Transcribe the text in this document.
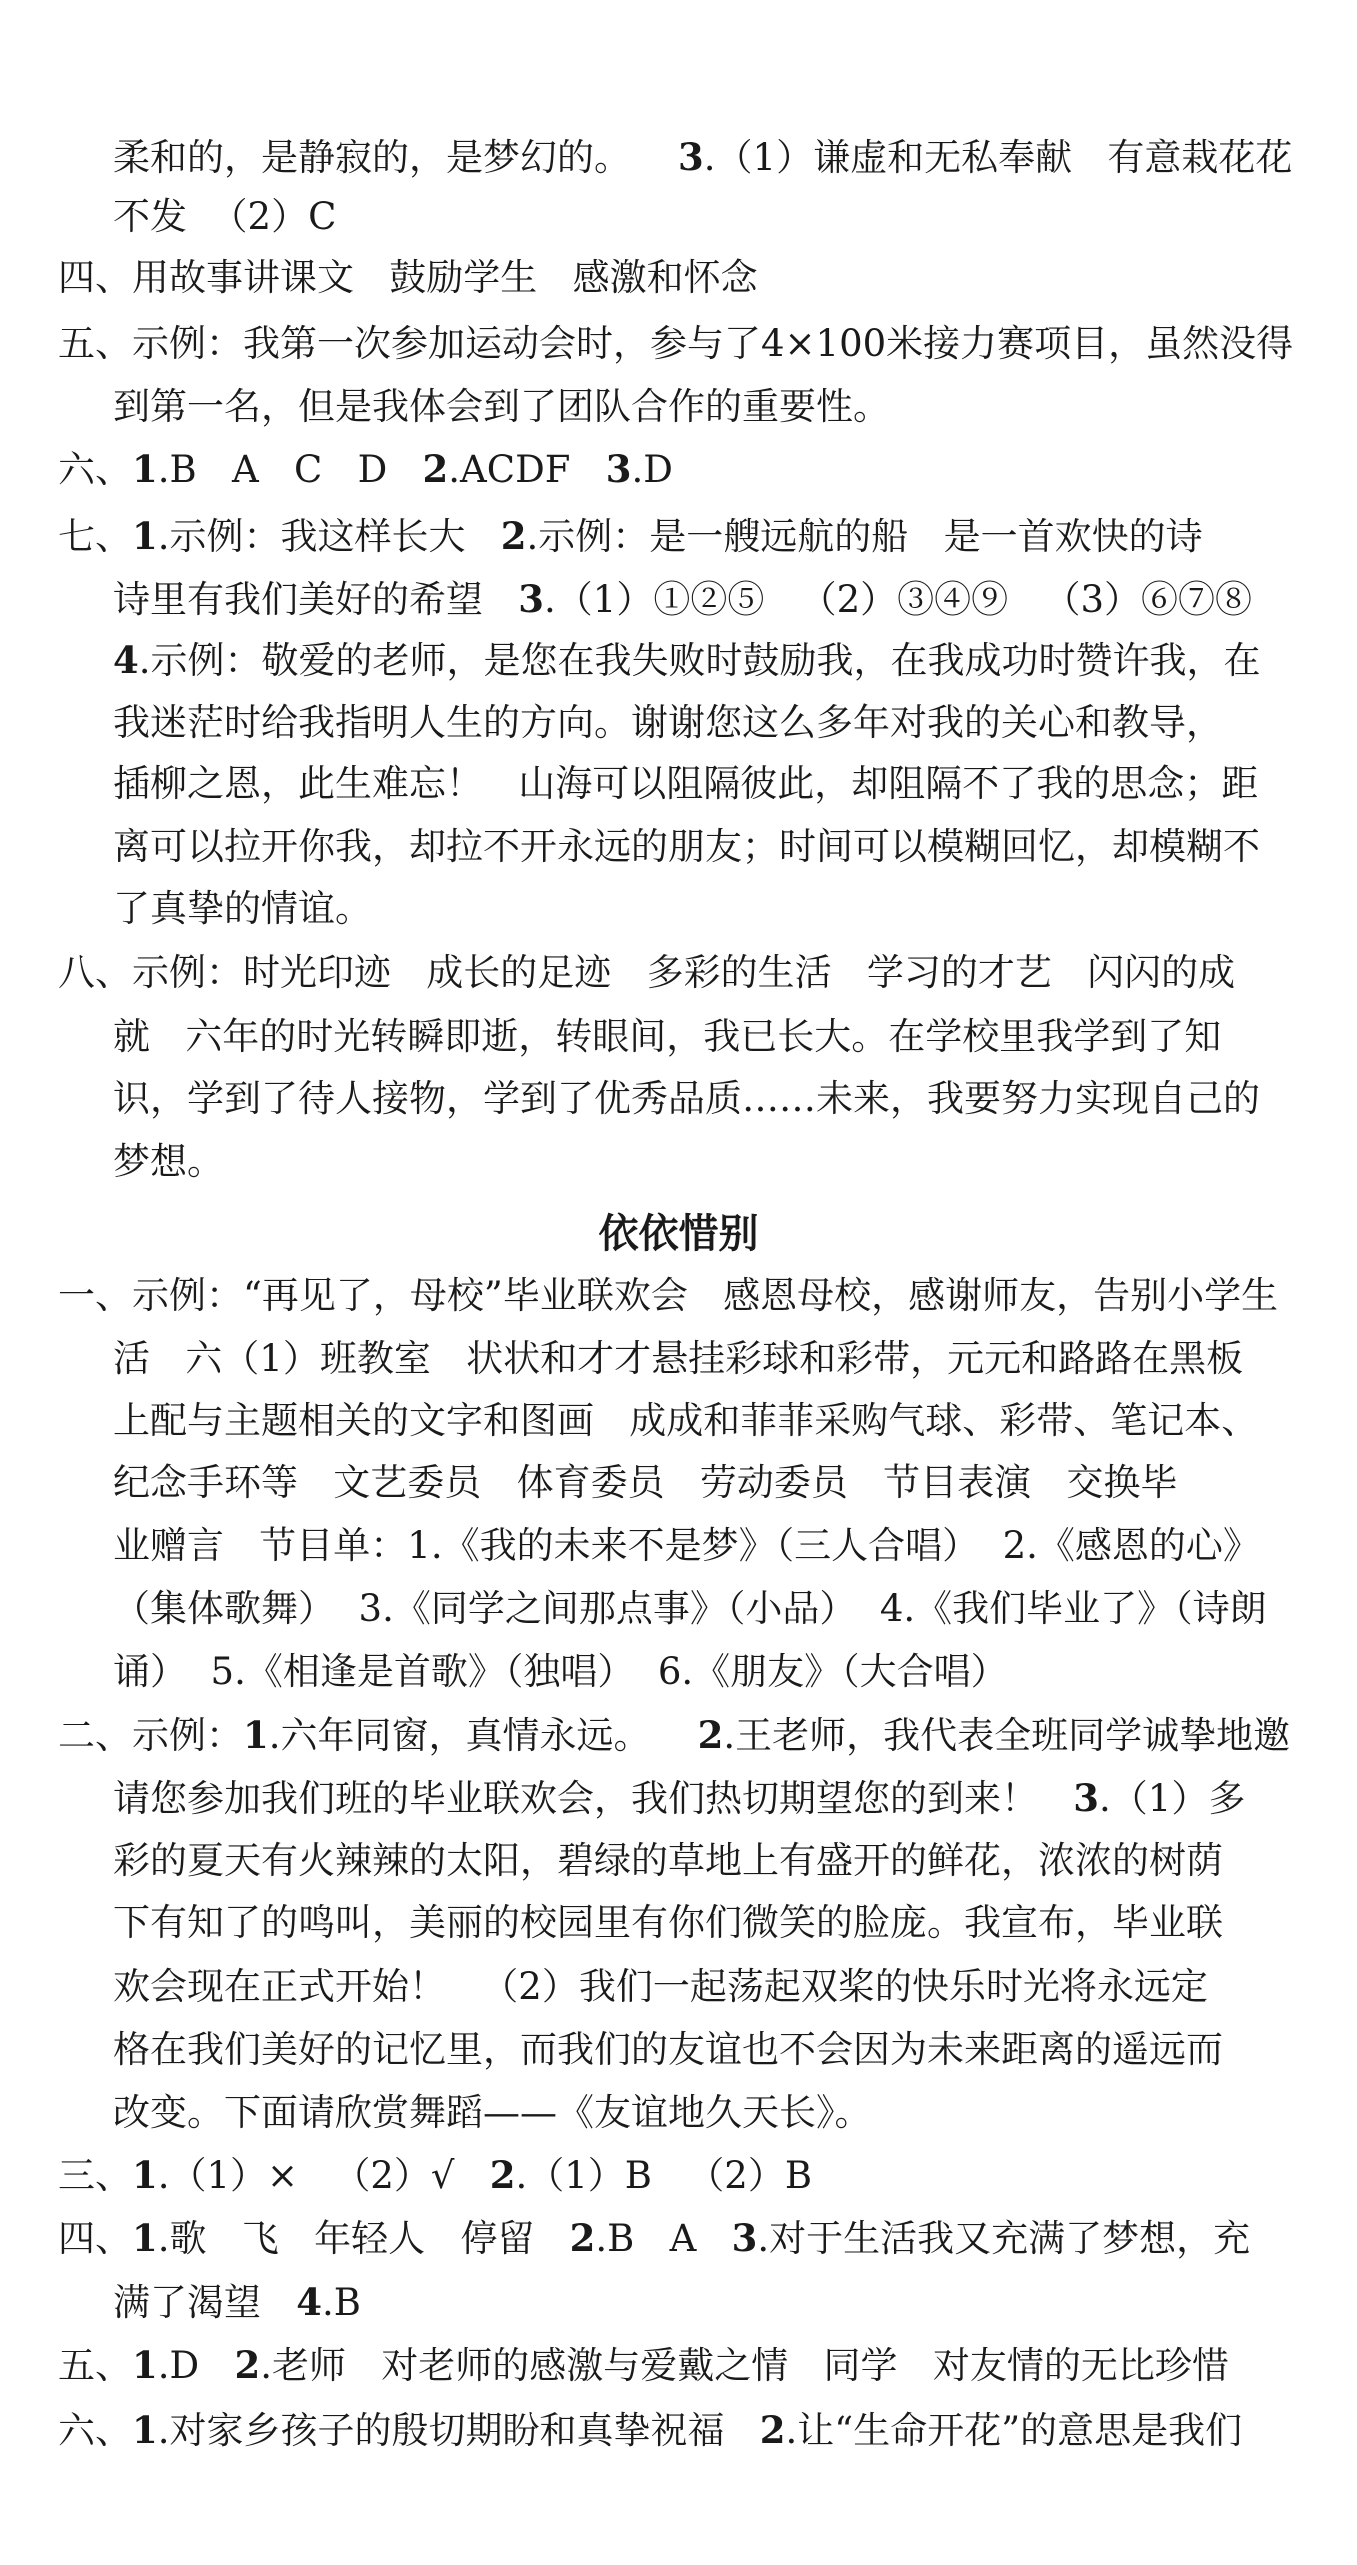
依依惜别
柔和的，是静寂的，是梦幻的。    3.（1）谦虚和无私奉献   有意栽花花
不发  （2）C
四、用故事讲课文   鼓励学生   感激和怀念
五、示例：我第一次参加运动会时，参与了4×100米接力赛项目，虽然没得
到第一名，但是我体会到了团队合作的重要性。
六、1.B   A   C   D   2.ACDF   3.D
七、1.示例：我这样长大   2.示例：是一艘远航的船   是一首欢快的诗
诗里有我们美好的希望   3.（1）①②⑤   （2）③④⑨   （3）⑥⑦⑧
4.示例：敬爱的老师，是您在我失败时鼓励我，在我成功时赞许我，在
我迷茫时给我指明人生的方向。谢谢您这么多年对我的关心和教导，
插柳之恩，此生难忘！   山海可以阻隔彼此，却阻隔不了我的思念；距
离可以拉开你我，却拉不开永远的朋友；时间可以模糊回忆，却模糊不
了真挚的情谊。
八、示例：时光印迹   成长的足迹   多彩的生活   学习的才艺   闪闪的成
就   六年的时光转瞬即逝，转眼间，我已长大。在学校里我学到了知
识，学到了待人接物，学到了优秀品质……未来，我要努力实现自己的
梦想。
一、示例：“再见了，母校”毕业联欢会   感恩母校，感谢师友，告别小学生
活   六（1）班教室   状状和才才悬挂彩球和彩带，元元和路路在黑板
上配与主题相关的文字和图画   成成和菲菲采购气球、彩带、笔记本、
纪念手环等   文艺委员   体育委员   劳动委员   节目表演   交换毕
业赠言   节目单：1.《我的未来不是梦》（三人合唱）  2.《感恩的心》
（集体歌舞）  3.《同学之间那点事》（小品）  4.《我们毕业了》（诗朗
诵）  5.《相逢是首歌》（独唱）  6.《朋友》（大合唱）
二、示例：1.六年同窗，真情永远。    2.王老师，我代表全班同学诚挚地邀
请您参加我们班的毕业联欢会，我们热切期望您的到来！   3.（1）多
彩的夏天有火辣辣的太阳，碧绿的草地上有盛开的鲜花，浓浓的树荫
下有知了的鸣叫，美丽的校园里有你们微笑的脸庞。我宣布，毕业联
欢会现在正式开始！   （2）我们一起荡起双桨的快乐时光将永远定
格在我们美好的记忆里，而我们的友谊也不会因为未来距离的遥远而
改变。下面请欣赏舞蹈——《友谊地久天长》。
三、1.（1）×   （2）√   2.（1）B   （2）B
四、1.歌   飞   年轻人   停留   2.B   A   3.对于生活我又充满了梦想，充
满了渴望   4.B
五、1.D   2.老师   对老师的感激与爱戴之情   同学   对友情的无比珍惜
六、1.对家乡孩子的殷切期盼和真挚祝福   2.让“生命开花”的意思是我们
